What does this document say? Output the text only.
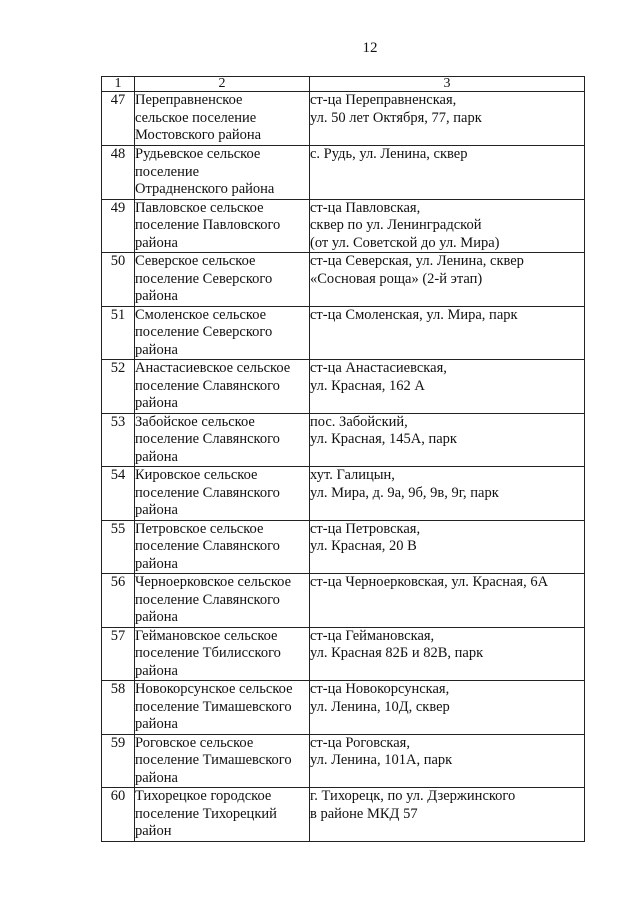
12
1	2	3
47	Переправненское
сельское поселение
Мостовского района	ст-ца Переправненская,
ул. 50 лет Октября, 77, парк

48	Рудьевское сельское
поселение
Отрадненского района	с. Рудь, ул. Ленина, сквер

49	Павловское сельское
поселение Павловского
района	ст-ца Павловская,
сквер по ул. Ленинградской
(от ул. Советской до ул. Мира)

50	Северское сельское
поселение Северского
района	ст-ца Северская, ул. Ленина, сквер
«Сосновая роща» (2-й этап)

51	Смоленское сельское
поселение Северского
района	ст-ца Смоленская, ул. Мира, парк

52	Анастасиевское сельское
поселение Славянского
района	ст-ца Анастасиевская,
ул. Красная, 162 А

53	Забойское сельское
поселение Славянского
района	пос. Забойский,
ул. Красная, 145А, парк

54	Кировское сельское
поселение Славянского
района	хут. Галицын,
ул. Мира, д. 9а, 9б, 9в, 9г, парк

55	Петровское сельское
поселение Славянского
района	ст-ца Петровская,
ул. Красная, 20 В

56	Черноерковское сельское
поселение Славянского
района	ст-ца Черноерковская, ул. Красная, 6А

57	Геймановское сельское
поселение Тбилисского
района	ст-ца Геймановская,
ул. Красная 82Б и 82В, парк

58	Новокорсунское сельское
поселение Тимашевского
района	ст-ца Новокорсунская,
ул. Ленина, 10Д, сквер

59	Роговское сельское
поселение Тимашевского
района	ст-ца Роговская,
ул. Ленина, 101А, парк

60	Тихорецкое городское
поселение Тихорецкий
район	г. Тихорецк, по ул. Дзержинского
в районе МКД 57
